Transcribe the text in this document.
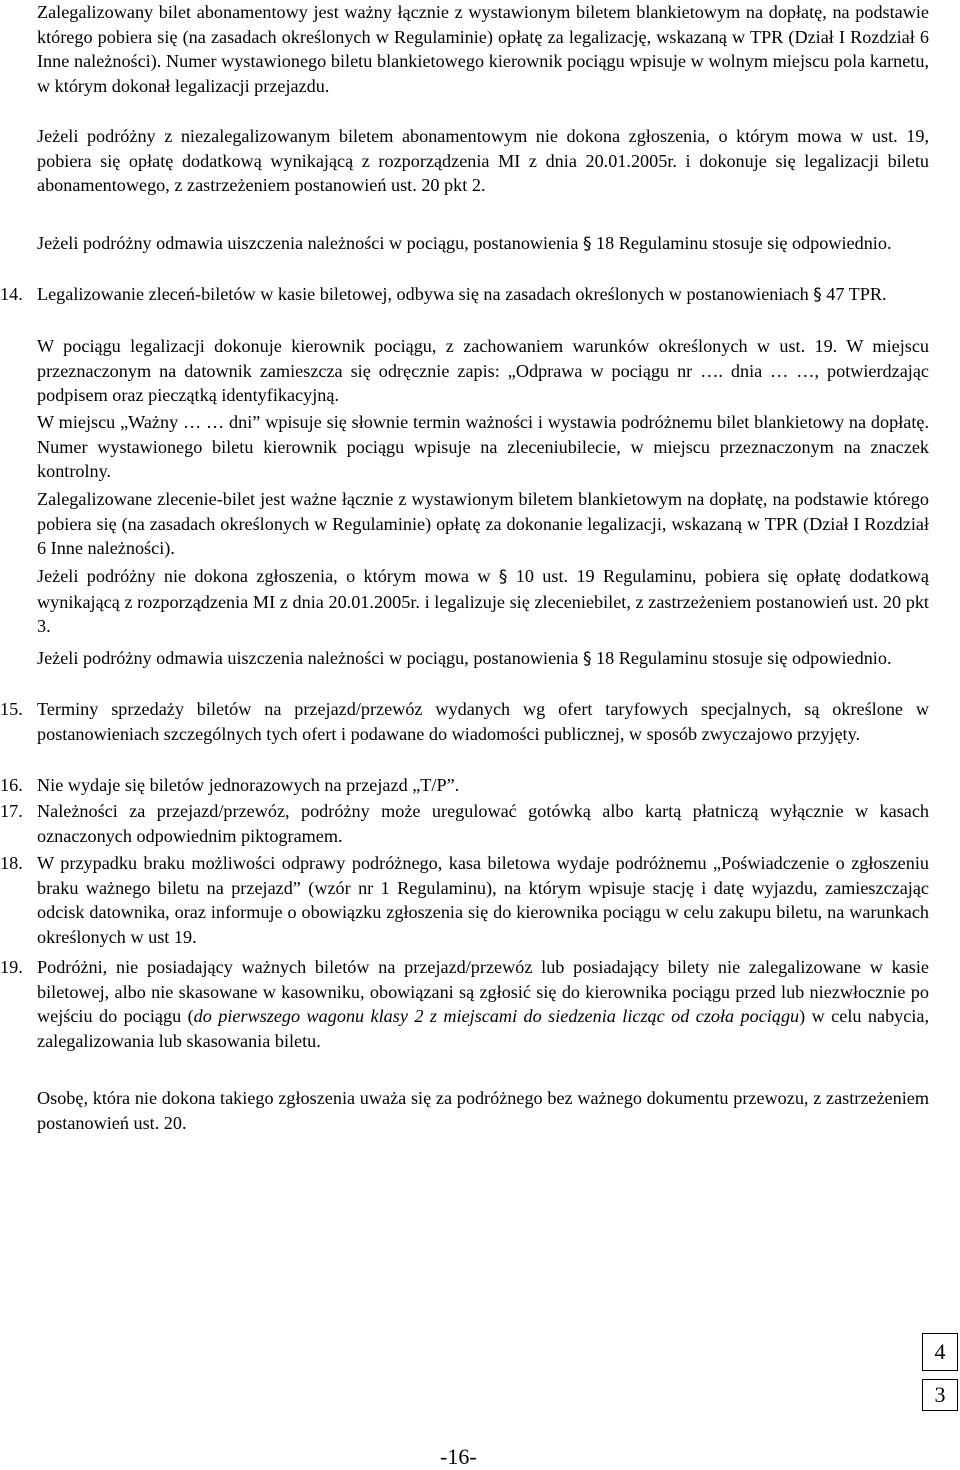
Zalegalizowany bilet abonamentowy jest ważny łącznie z wystawionym biletem blankietowym na dopłatę, na podstawie którego pobiera się (na zasadach określonych w Regulaminie) opłatę za legalizację, wskazaną w TPR (Dział I Rozdział 6 Inne należności). Numer wystawionego biletu blankietowego kierownik pociągu wpisuje w wolnym miejscu pola karnetu, w którym dokonał legalizacji przejazdu.

Jeżeli podróżny z niezalegalizowanym biletem abonamentowym nie dokona zgłoszenia, o którym mowa w ust. 19, pobiera się opłatę dodatkową wynikającą z rozporządzenia MI z dnia 20.01.2005r. i dokonuje się legalizacji biletu abonamentowego, z zastrzeżeniem postanowień ust. 20 pkt 2.

Jeżeli podróżny odmawia uiszczenia należności w pociągu, postanowienia § 18 Regulaminu stosuje się odpowiednio.

14. Legalizowanie zleceń-biletów w kasie biletowej, odbywa się na zasadach określonych w postanowieniach § 47 TPR.

W pociągu legalizacji dokonuje kierownik pociągu, z zachowaniem warunków określonych w ust. 19. W miejscu przeznaczonym na datownik zamieszcza się odręcznie zapis: „Odprawa w pociągu nr …. dnia … …, potwierdzając podpisem oraz pieczątką identyfikacyjną.

W miejscu „Ważny … … dni” wpisuje się słownie termin ważności i wystawia podróżnemu bilet blankietowy na dopłatę. Numer wystawionego biletu kierownik pociągu wpisuje na zleceniubilecie, w miejscu przeznaczonym na znaczek kontrolny.

Zalegalizowane zlecenie-bilet jest ważne łącznie z wystawionym biletem blankietowym na dopłatę, na podstawie którego pobiera się (na zasadach określonych w Regulaminie) opłatę za dokonanie legalizacji, wskazaną w TPR (Dział I Rozdział 6 Inne należności).

Jeżeli podróżny nie dokona zgłoszenia, o którym mowa w § 10 ust. 19 Regulaminu, pobiera się opłatę dodatkową wynikającą z rozporządzenia MI z dnia 20.01.2005r. i legalizuje się zleceniebilet, z zastrzeżeniem postanowień ust. 20 pkt 3.

Jeżeli podróżny odmawia uiszczenia należności w pociągu, postanowienia § 18 Regulaminu stosuje się odpowiednio.

15. Terminy sprzedaży biletów na przejazd/przewóz wydanych wg ofert taryfowych specjalnych, są określone w postanowieniach szczególnych tych ofert i podawane do wiadomości publicznej, w sposób zwyczajowo przyjęty.
16. Nie wydaje się biletów jednorazowych na przejazd „T/P”.
17. Należności za przejazd/przewóz, podróżny może uregulować gotówką albo kartą płatniczą wyłącznie w kasach oznaczonych odpowiednim piktogramem.
18. W przypadku braku możliwości odprawy podróżnego, kasa biletowa wydaje podróżnemu „Poświadczenie o zgłoszeniu braku ważnego biletu na przejazd” (wzór nr 1 Regulaminu), na którym wpisuje stację i datę wyjazdu, zamieszczając odcisk datownika, oraz informuje o obowiązku zgłoszenia się do kierownika pociągu w celu zakupu biletu, na warunkach określonych w ust 19.
19. Podróżni, nie posiadający ważnych biletów na przejazd/przewóz lub posiadający bilety nie zalegalizowane w kasie biletowej, albo nie skasowane w kasowniku, obowiązani są zgłosić się do kierownika pociągu przed lub niezwłocznie po wejściu do pociągu (do pierwszego wagonu klasy 2 z miejscami do siedzenia licząc od czoła pociągu) w celu nabycia, zalegalizowania lub skasowania biletu.

Osobę, która nie dokona takiego zgłoszenia uważa się za podróżnego bez ważnego dokumentu przewozu, z zastrzeżeniem postanowień ust. 20.

4
3
-16-
